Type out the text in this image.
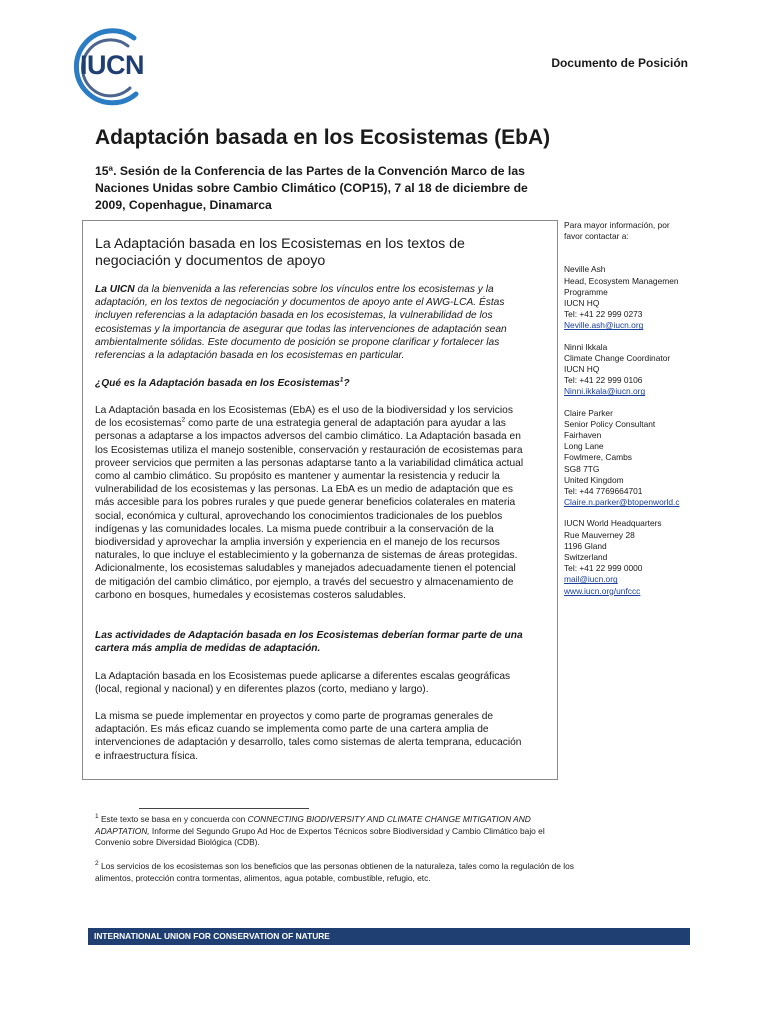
IUCN	Documento de Posición
Adaptación basada en los Ecosistemas (EbA)
15ª. Sesión de la Conferencia de las Partes de la Convención Marco de las Naciones Unidas sobre Cambio Climático (COP15), 7 al 18 de diciembre de 2009, Copenhague, Dinamarca
La Adaptación basada en los Ecosistemas en los textos de negociación y documentos de apoyo
La UICN da la bienvenida a las referencias sobre los vínculos entre los ecosistemas y la adaptación, en los textos de negociación y documentos de apoyo ante el AWG-LCA. Éstas incluyen referencias a la adaptación basada en los ecosistemas, la vulnerabilidad de los ecosistemas y la importancia de asegurar que todas las intervenciones de adaptación sean ambientalmente sólidas. Este documento de posición se propone clarificar y fortalecer las referencias a la adaptación basada en los ecosistemas en particular.
¿Qué es la Adaptación basada en los Ecosistemas$^1$?
La Adaptación basada en los Ecosistemas (EbA) es el uso de la biodiversidad y los servicios de los ecosistemas$^2$ como parte de una estrategia general de adaptación para ayudar a las personas a adaptarse a los impactos adversos del cambio climático. La Adaptación basada en los Ecosistemas utiliza el manejo sostenible, conservación y restauración de ecosistemas para proveer servicios que permiten a las personas adaptarse tanto a la variabilidad climática actual como al cambio climático. Su propósito es mantener y aumentar la resistencia y reducir la vulnerabilidad de los ecosistemas y las personas. La EbA es un medio de adaptación que es más accesible para los pobres rurales y que puede generar beneficios colaterales en materia social, económica y cultural, aprovechando los conocimientos tradicionales de los pueblos indígenas y las comunidades locales. La misma puede contribuir a la conservación de la biodiversidad y aprovechar la amplia inversión y experiencia en el manejo de los recursos naturales, lo que incluye el establecimiento y la gobernanza de sistemas de áreas protegidas. Adicionalmente, los ecosistemas saludables y manejados adecuadamente tienen el potencial de mitigación del cambio climático, por ejemplo, a través del secuestro y almacenamiento de carbono en bosques, humedales y ecosistemas costeros saludables.
Las actividades de Adaptación basada en los Ecosistemas deberían formar parte de una cartera más amplia de medidas de adaptación.
La Adaptación basada en los Ecosistemas puede aplicarse a diferentes escalas geográficas (local, regional y nacional) y en diferentes plazos (corto, mediano y largo).
La misma se puede implementar en proyectos y como parte de programas generales de adaptación. Es más eficaz cuando se implementa como parte de una cartera amplia de intervenciones de adaptación y desarrollo, tales como sistemas de alerta temprana, educación e infraestructura física.
Para mayor información, por
favor contactar a:
Neville Ash
Head, Ecosystem Managemen
Programme
IUCN HQ
Tel: +41 22 999 0273
Neville.ash@iucn.org
Ninni Ikkala
Climate Change Coordinator
IUCN HQ
Tel: +41 22 999 0106
Ninni.ikkala@iucn.org
Claire Parker
Senior Policy Consultant
Fairhaven
Long Lane
Fowlmere, Cambs
SG8 7TG
United Kingdom
Tel: +44 7769664701
Claire.n.parker@btopenworld.c
IUCN World Headquarters
Rue Mauverney 28
1196 Gland
Switzerland
Tel: +41 22 999 0000
mail@iucn.org
www.iucn.org/unfccc
$^1$ Este texto se basa en y concuerda con CONNECTING BIODIVERSITY AND CLIMATE CHANGE MITIGATION AND ADAPTATION, Informe del Segundo Grupo Ad Hoc de Expertos Técnicos sobre Biodiversidad y Cambio Climático bajo el Convenio sobre Diversidad Biológica (CDB).
$^2$ Los servicios de los ecosistemas son los beneficios que las personas obtienen de la naturaleza, tales como la regulación de los alimentos, protección contra tormentas, alimentos, agua potable, combustible, refugio, etc.
INTERNATIONAL UNION FOR CONSERVATION OF NATURE
